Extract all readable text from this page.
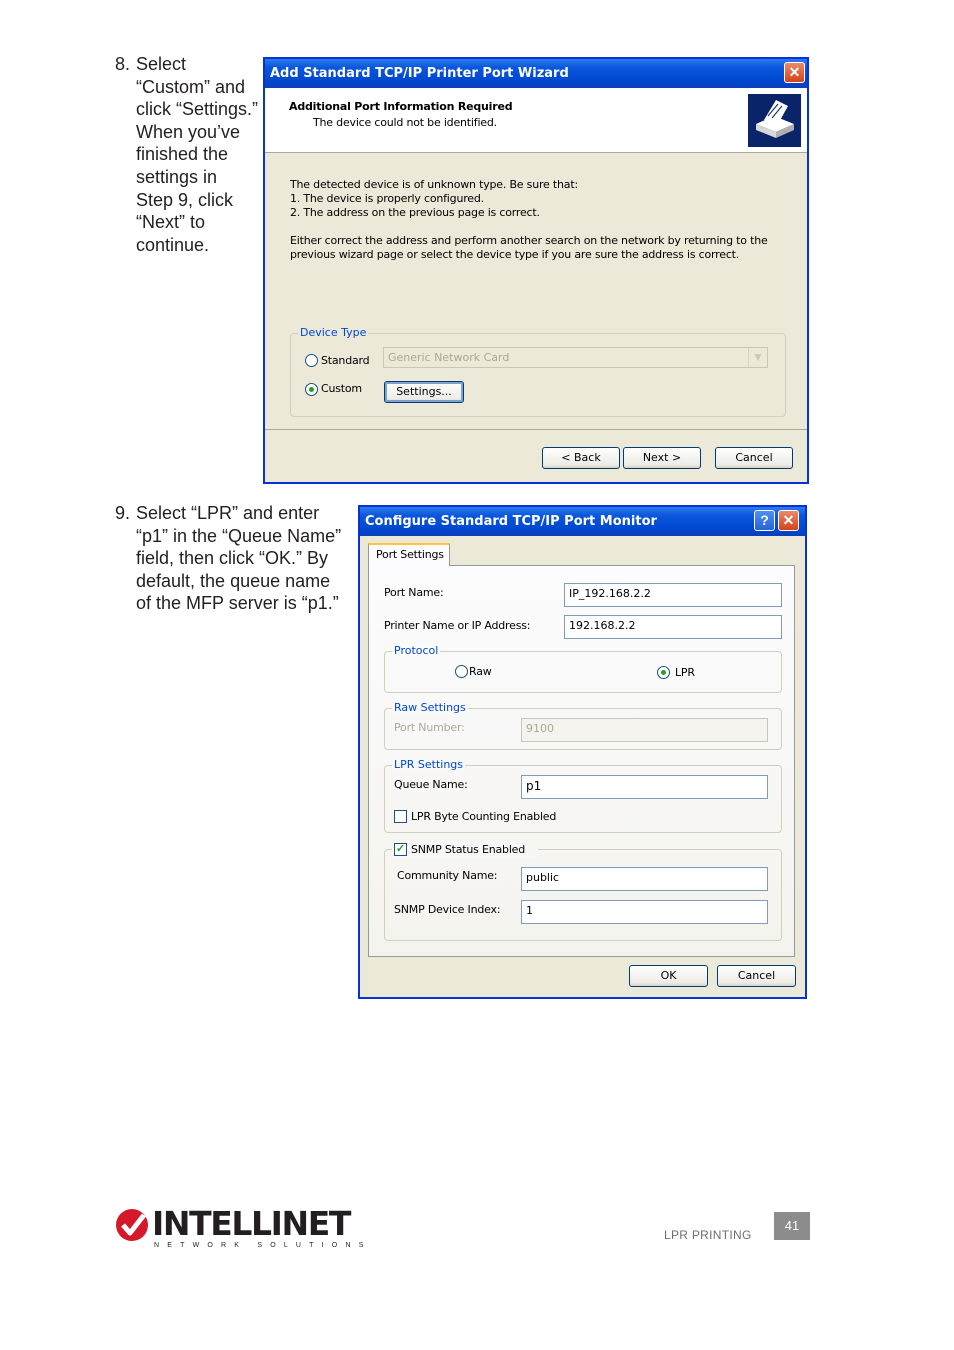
8. Select
“Custom” and
click “Settings.”
When you’ve
finished the
settings in
Step 9, click
“Next” to
continue.
Add Standard TCP/IP Printer Port Wizard	✕
Additional Port Information Required
The device could not be identified.
The detected device is of unknown type. Be sure that:
1. The device is properly configured.
2. The address on the previous page is correct.
Either correct the address and perform another search on the network by returning to the
previous wizard page or select the device type if you are sure the address is correct.
Device Type
Standard	Generic Network Card	▼
Custom	Settings...
< Back	Next >	Cancel
9. Select “LPR” and enter
“p1” in the “Queue Name”
field, then click “OK.” By
default, the queue name
of the MFP server is “p1.”
Configure Standard TCP/IP Port Monitor	? ✕
Port Settings
Port Name:	IP_192.168.2.2
Printer Name or IP Address:	192.168.2.2
Protocol
Raw	LPR
Raw Settings
Port Number:	9100
LPR Settings
Queue Name:	p1
LPR Byte Counting Enabled
✓ SNMP Status Enabled
Community Name:	public
SNMP Device Index:	1
OK	Cancel
INTELLINET
NETWORK SOLUTIONS
LPR PRINTING
41
